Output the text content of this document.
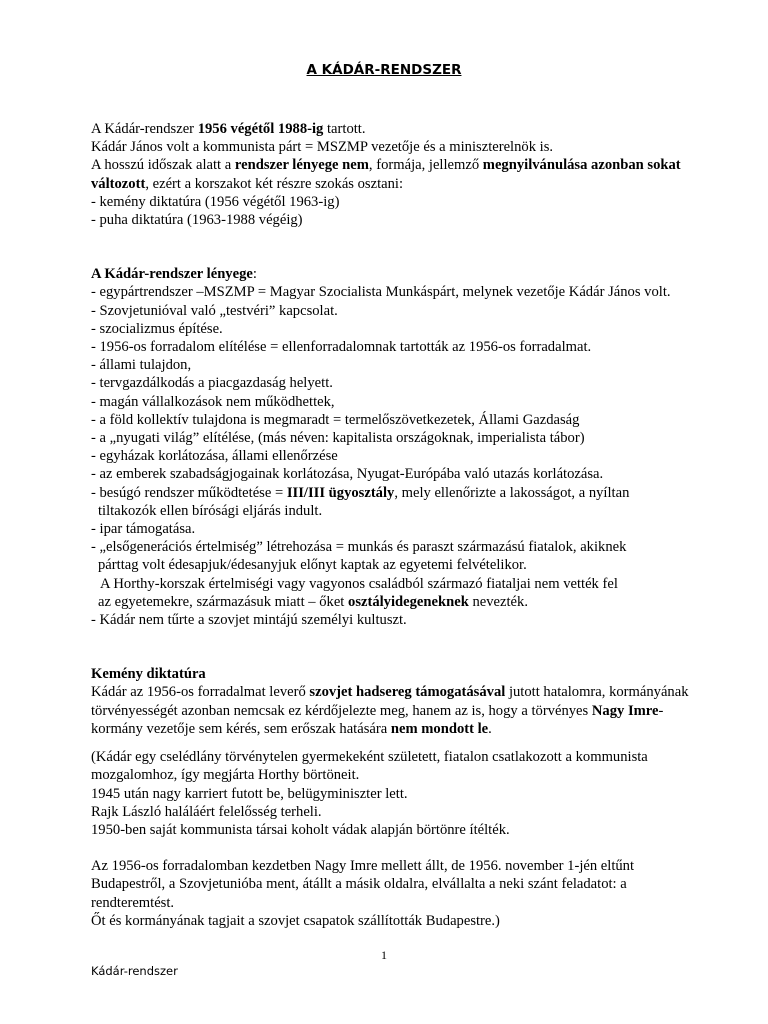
A KÁDÁR-RENDSZER

A Kádár-rendszer 1956 végétől 1988-ig tartott.

Kádár János volt a kommunista párt = MSZMP vezetője és a miniszterelnök is.

A hosszú időszak alatt a rendszer lényege nem, formája, jellemző megnyilvánulása azonban sokat változott, ezért a korszakot két részre szokás osztani:

- kemény diktatúra (1956 végétől 1963-ig)

- puha diktatúra (1963-1988 végéig)

A Kádár-rendszer lényege:

- egypártrendszer –MSZMP = Magyar Szocialista Munkáspárt, melynek vezetője Kádár János volt.

- Szovjetunióval való „testvéri” kapcsolat.

- szocializmus építése.

- 1956-os forradalom elítélése = ellenforradalomnak tartották az 1956-os forradalmat.

- állami tulajdon,

- tervgazdálkodás a piacgazdaság helyett.

- magán vállalkozások nem működhettek,

- a föld kollektív tulajdona is megmaradt = termelőszövetkezetek, Állami Gazdaság

- a „nyugati világ” elítélése, (más néven: kapitalista országoknak, imperialista tábor)

- egyházak korlátozása, állami ellenőrzése

- az emberek szabadságjogainak korlátozása, Nyugat-Európába való utazás korlátozása.

- besúgó rendszer működtetése = III/III ügyosztály, mely ellenőrizte a lakosságot, a nyíltan

tiltakozók ellen bírósági eljárás indult.

- ipar támogatása.

- „elsőgenerációs értelmiség” létrehozása = munkás és paraszt származású fiatalok, akiknek

párttag volt édesapjuk/édesanyjuk előnyt kaptak az egyetemi felvételikor.

A Horthy-korszak értelmiségi vagy vagyonos családból származó fiataljai nem vették fel

az egyetemekre, származásuk miatt – őket osztályidegeneknek nevezték.

- Kádár nem tűrte a szovjet mintájú személyi kultuszt.

Kemény diktatúra

Kádár az 1956-os forradalmat leverő szovjet hadsereg támogatásával jutott hatalomra, kormányának törvényességét azonban nemcsak ez kérdőjelezte meg, hanem az is, hogy a törvényes Nagy Imre-kormány vezetője sem kérés, sem erőszak hatására nem mondott le.

(Kádár egy cselédlány törvénytelen gyermekeként született, fiatalon csatlakozott a kommunista mozgalomhoz, így megjárta Horthy börtöneit.

1945 után nagy karriert futott be, belügyminiszter lett.

Rajk László haláláért felelősség terheli.

1950-ben saját kommunista társai koholt vádak alapján börtönre ítélték.

Az 1956-os forradalomban kezdetben Nagy Imre mellett állt, de 1956. november 1-jén eltűnt Budapestről, a Szovjetunióba ment, átállt a másik oldalra, elvállalta a neki szánt feladatot: a rendteremtést.

Őt és kormányának tagjait a szovjet csapatok szállították Budapestre.)

1
Kádár-rendszer
